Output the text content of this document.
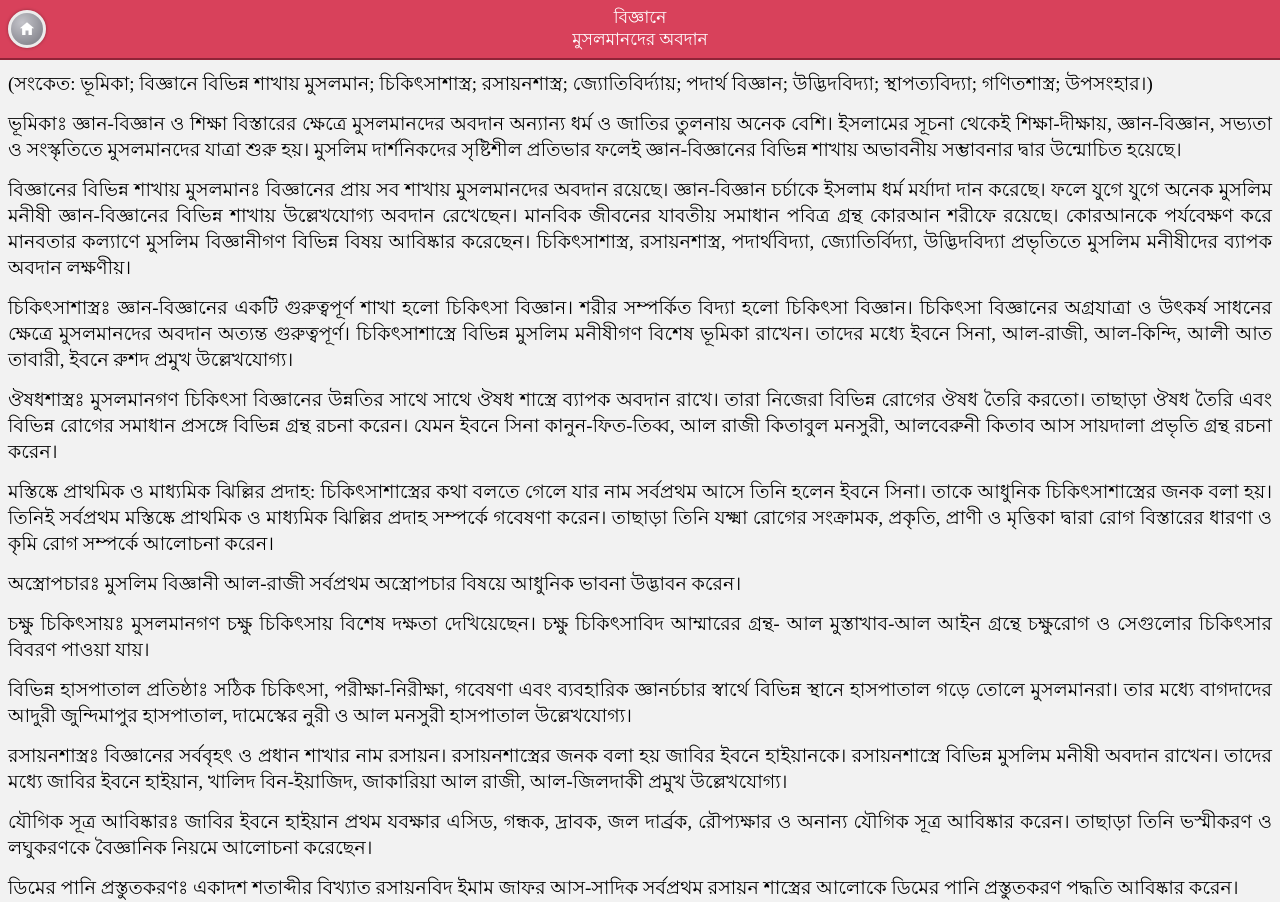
বিজ্ঞানে
মুসলমানদের অবদান

(সংকেত: ভূমিকা; বিজ্ঞানে বিভিন্ন শাখায় মুসলমান; চিকিৎসাশাস্ত্র; রসায়নশাস্ত্র; জ্যোতিবির্দ্যায়; পদার্থ বিজ্ঞান; উদ্ভিদবিদ্যা; স্থাপত্যবিদ্যা; গণিতশাস্ত্র; উপসংহার।)

ভূমিকাঃ জ্ঞান-বিজ্ঞান ও শিক্ষা বিস্তারের ক্ষেত্রে মুসলমানদের অবদান অন্যান্য ধর্ম ও জাতির তুলনায় অনেক বেশি। ইসলামের সূচনা থেকেই শিক্ষা-দীক্ষায়, জ্ঞান-বিজ্ঞান, সভ্যতা ও সংস্কৃতিতে মুসলমানদের যাত্রা শুরু হয়। মুসলিম দার্শনিকদের সৃষ্টিশীল প্রতিভার ফলেই জ্ঞান-বিজ্ঞানের বিভিন্ন শাখায় অভাবনীয় সম্ভাবনার দ্বার উন্মোচিত হয়েছে।

বিজ্ঞানের বিভিন্ন শাখায় মুসলমানঃ বিজ্ঞানের প্রায় সব শাখায় মুসলমানদের অবদান রয়েছে। জ্ঞান-বিজ্ঞান চর্চাকে ইসলাম ধর্ম মর্যাদা দান করেছে। ফলে যুগে যুগে অনেক মুসলিম মনীষী জ্ঞান-বিজ্ঞানের বিভিন্ন শাখায় উল্লেখযোগ্য অবদান রেখেছেন। মানবিক জীবনের যাবতীয় সমাধান পবিত্র গ্রন্থ কোরআন শরীফে রয়েছে। কোরআনকে পর্যবেক্ষণ করে মানবতার কল্যাণে মুসলিম বিজ্ঞানীগণ বিভিন্ন বিষয় আবিষ্কার করেছেন। চিকিৎসাশাস্ত্র, রসায়নশাস্ত্র, পদার্থবিদ্যা, জ্যোতির্বিদ্যা, উদ্ভিদবিদ্যা প্রভৃতিতে মুসলিম মনীষীদের ব্যাপক অবদান লক্ষণীয়।

চিকিৎসাশাস্ত্রঃ জ্ঞান-বিজ্ঞানের একটি গুরুত্বপূর্ণ শাখা হলো চিকিৎসা বিজ্ঞান। শরীর সম্পর্কিত বিদ্যা হলো চিকিৎসা বিজ্ঞান। চিকিৎসা বিজ্ঞানের অগ্রযাত্রা ও উৎকর্ষ সাধনের ক্ষেত্রে মুসলমানদের অবদান অত্যন্ত গুরুত্বপূর্ণ। চিকিৎসাশাস্ত্রে বিভিন্ন মুসলিম মনীষীগণ বিশেষ ভূমিকা রাখেন। তাদের মধ্যে ইবনে সিনা, আল-রাজী, আল-কিন্দি, আলী আত তাবারী, ইবনে রুশদ প্রমুখ উল্লেখযোগ্য।

ঔষধশাস্ত্রঃ মুসলমানগণ চিকিৎসা বিজ্ঞানের উন্নতির সাথে সাথে ঔষধ শাস্ত্রে ব্যাপক অবদান রাখে। তারা নিজেরা বিভিন্ন রোগের ঔষধ তৈরি করতো। তাছাড়া ঔষধ তৈরি এবং বিভিন্ন রোগের সমাধান প্রসঙ্গে বিভিন্ন গ্রন্থ রচনা করেন। যেমন ইবনে সিনা কানুন-ফিত-তিব্ব, আল রাজী কিতাবুল মনসুরী, আলবেরুনী কিতাব আস সায়দালা প্রভৃতি গ্রন্থ রচনা করেন।

মস্তিষ্কে প্রাথমিক ও মাধ্যমিক ঝিল্লির প্রদাহ: চিকিৎসাশাস্ত্রের কথা বলতে গেলে যার নাম সর্বপ্রথম আসে তিনি হলেন ইবনে সিনা। তাকে আধুনিক চিকিৎসাশাস্ত্রের জনক বলা হয়। তিনিই সর্বপ্রথম মস্তিষ্কে প্রাথমিক ও মাধ্যমিক ঝিল্লির প্রদাহ সম্পর্কে গবেষণা করেন। তাছাড়া তিনি যক্ষ্মা রোগের সংক্রামক, প্রকৃতি, প্রাণী ও মৃত্তিকা দ্বারা রোগ বিস্তারের ধারণা ও কৃমি রোগ সম্পর্কে আলোচনা করেন।

অস্ত্রোপচারঃ মুসলিম বিজ্ঞানী আল-রাজী সর্বপ্রথম অস্ত্রোপচার বিষয়ে আধুনিক ভাবনা উদ্ভাবন করেন।

চক্ষু চিকিৎসায়ঃ মুসলমানগণ চক্ষু চিকিৎসায় বিশেষ দক্ষতা দেখিয়েছেন। চক্ষু চিকিৎসাবিদ আম্মারের গ্রন্থ- আল মুস্তাখাব-আল আইন গ্রন্থে চক্ষুরোগ ও সেগুলোর চিকিৎসার বিবরণ পাওয়া যায়।

বিভিন্ন হাসপাতাল প্রতিষ্ঠাঃ সঠিক চিকিৎসা, পরীক্ষা-নিরীক্ষা, গবেষণা এবং ব্যবহারিক জ্ঞানর্চচার স্বার্থে বিভিন্ন স্থানে হাসপাতাল গড়ে তোলে মুসলমানরা। তার মধ্যে বাগদাদের আদুরী জুন্দিমাপুর হাসপাতাল, দামেস্কের নুরী ও আল মনসুরী হাসপাতাল উল্লেখযোগ্য।

রসায়নশাস্ত্রঃ বিজ্ঞানের সর্ববৃহৎ ও প্রধান শাখার নাম রসায়ন। রসায়নশাস্ত্রের জনক বলা হয় জাবির ইবনে হাইয়ানকে। রসায়নশাস্ত্রে বিভিন্ন মুসলিম মনীষী অবদান রাখেন। তাদের মধ্যে জাবির ইবনে হাইয়ান, খালিদ বিন-ইয়াজিদ, জাকারিয়া আল রাজী, আল-জিলদাকী প্রমুখ উল্লেখযোগ্য।

যৌগিক সূত্র আবিষ্কারঃ জাবির ইবনে হাইয়ান প্রথম যবক্ষার এসিড, গন্ধক, দ্রাবক, জল দার্ব্রক, রৌপ্যক্ষার ও অনান্য যৌগিক সূত্র আবিষ্কার করেন। তাছাড়া তিনি ভস্মীকরণ ও লঘুকরণকে বৈজ্ঞানিক নিয়মে আলোচনা করেছেন।

ডিমের পানি প্রস্তুতকরণঃ একাদশ শতাব্দীর বিখ্যাত রসায়নবিদ ইমাম জাফর আস-সাদিক সর্বপ্রথম রসায়ন শাস্ত্রের আলোকে ডিমের পানি প্রস্তুতকরণ পদ্ধতি আবিষ্কার করেন।
